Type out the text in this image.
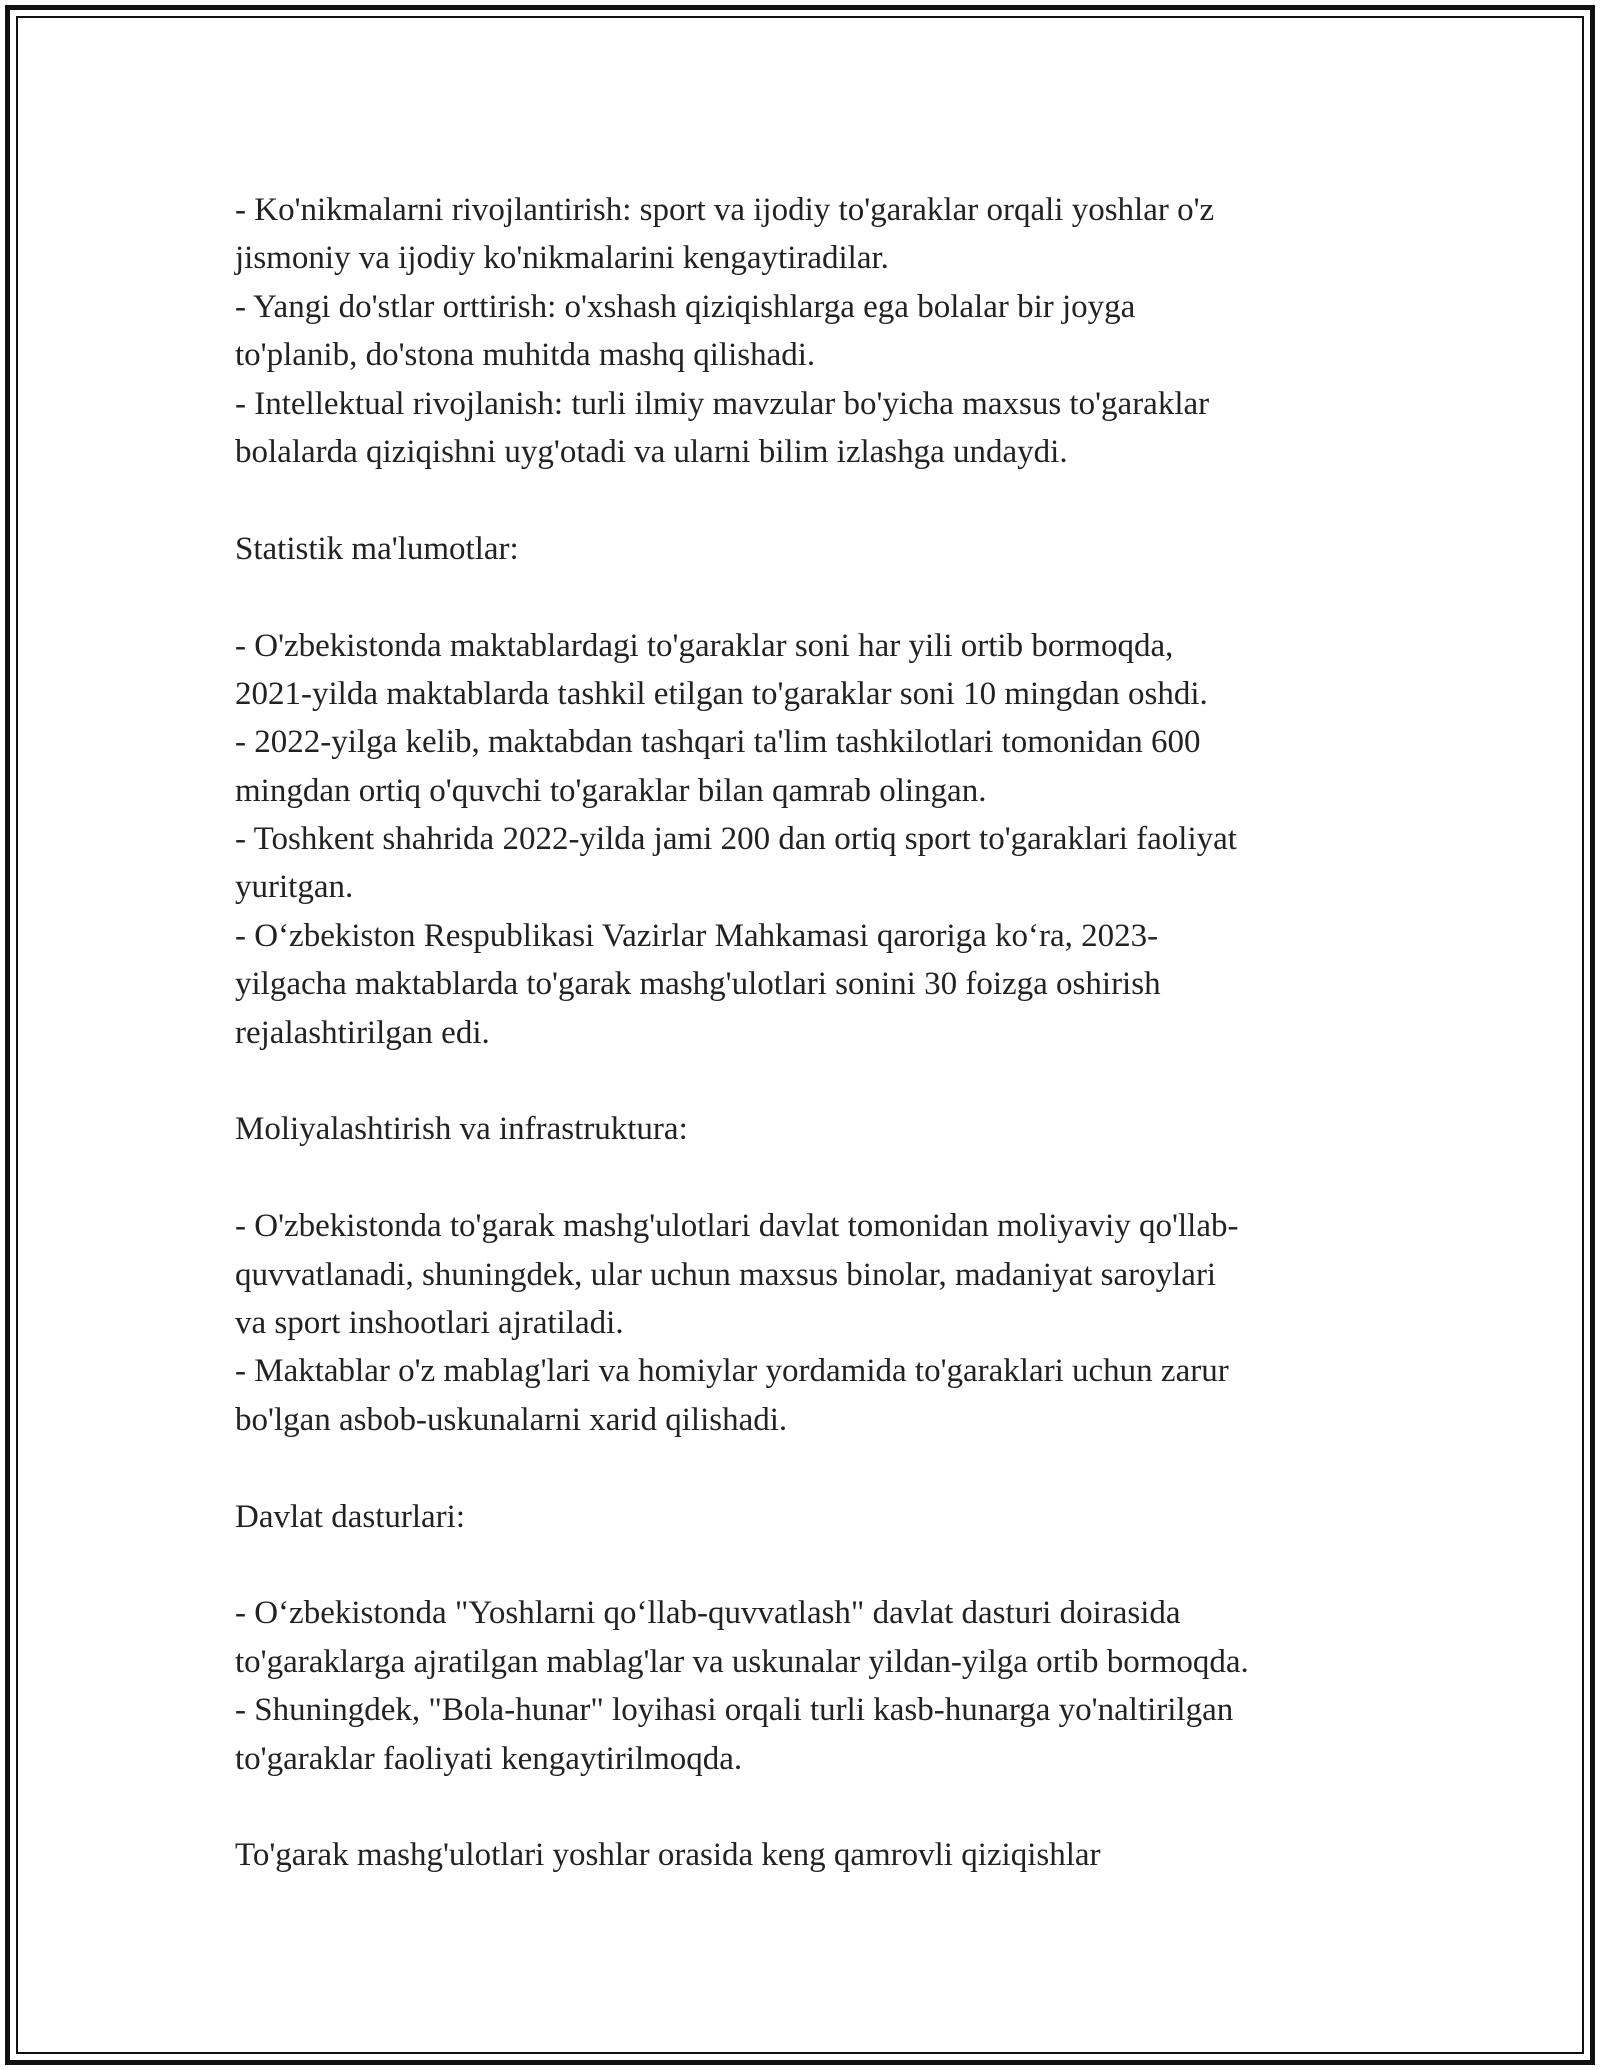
- Ko'nikmalarni rivojlantirish: sport va ijodiy to'garaklar orqali yoshlar o'z
jismoniy va ijodiy ko'nikmalarini kengaytiradilar.
- Yangi do'stlar orttirish: o'xshash qiziqishlarga ega bolalar bir joyga
to'planib, do'stona muhitda mashq qilishadi.
- Intellektual rivojlanish: turli ilmiy mavzular bo'yicha maxsus to'garaklar
bolalarda qiziqishni uyg'otadi va ularni bilim izlashga undaydi.
Statistik ma'lumotlar:
- O'zbekistonda maktablardagi to'garaklar soni har yili ortib bormoqda,
2021-yilda maktablarda tashkil etilgan to'garaklar soni 10 mingdan oshdi.
- 2022-yilga kelib, maktabdan tashqari ta'lim tashkilotlari tomonidan 600
mingdan ortiq o'quvchi to'garaklar bilan qamrab olingan.
- Toshkent shahrida 2022-yilda jami 200 dan ortiq sport to'garaklari faoliyat
yuritgan.
- O‘zbekiston Respublikasi Vazirlar Mahkamasi qaroriga ko‘ra, 2023-
yilgacha maktablarda to'garak mashg'ulotlari sonini 30 foizga oshirish
rejalashtirilgan edi.
Moliyalashtirish va infrastruktura:
- O'zbekistonda to'garak mashg'ulotlari davlat tomonidan moliyaviy qo'llab-
quvvatlanadi, shuningdek, ular uchun maxsus binolar, madaniyat saroylari
va sport inshootlari ajratiladi.
- Maktablar o'z mablag'lari va homiylar yordamida to'garaklari uchun zarur
bo'lgan asbob-uskunalarni xarid qilishadi.
Davlat dasturlari:
- O‘zbekistonda "Yoshlarni qo‘llab-quvvatlash" davlat dasturi doirasida
to'garaklarga ajratilgan mablag'lar va uskunalar yildan-yilga ortib bormoqda.
- Shuningdek, "Bola-hunar" loyihasi orqali turli kasb-hunarga yo'naltirilgan
to'garaklar faoliyati kengaytirilmoqda.
To'garak mashg'ulotlari yoshlar orasida keng qamrovli qiziqishlar
